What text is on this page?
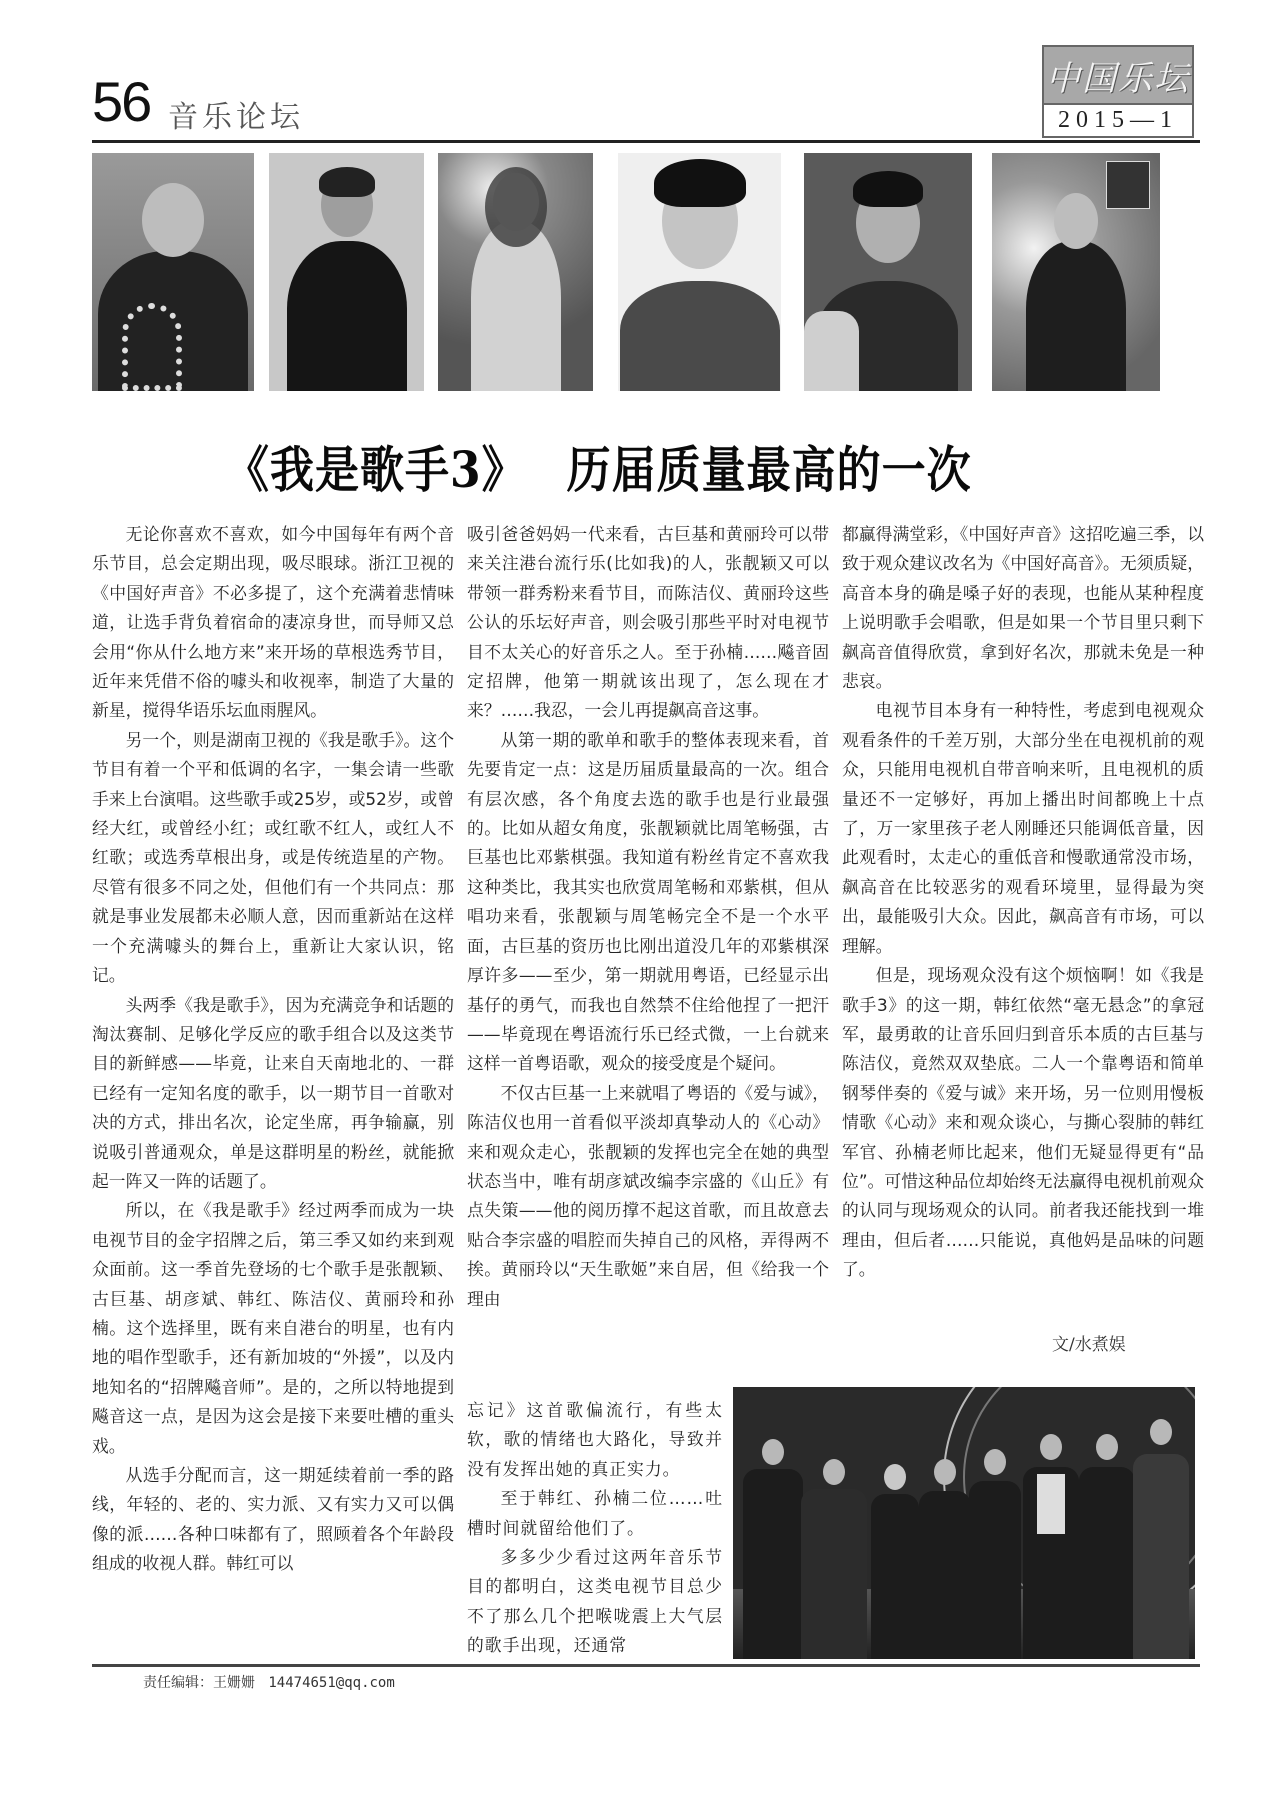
56 音乐论坛
中国乐坛
2015—1
《我是歌手3》 历届质量最高的一次

无论你喜欢不喜欢，如今中国每年有两个音乐节目，总会定期出现，吸尽眼球。浙江卫视的《中国好声音》不必多提了，这个充满着悲情味道，让选手背负着宿命的凄凉身世，而导师又总会用“你从什么地方来”来开场的草根选秀节目，近年来凭借不俗的噱头和收视率，制造了大量的新星，搅得华语乐坛血雨腥风。

另一个，则是湖南卫视的《我是歌手》。这个节目有着一个平和低调的名字，一集会请一些歌手来上台演唱。这些歌手或25岁，或52岁，或曾经大红，或曾经小红；或红歌不红人，或红人不红歌；或选秀草根出身，或是传统造星的产物。尽管有很多不同之处，但他们有一个共同点：那就是事业发展都未必顺人意，因而重新站在这样一个充满噱头的舞台上，重新让大家认识，铭记。

头两季《我是歌手》，因为充满竞争和话题的淘汰赛制、足够化学反应的歌手组合以及这类节目的新鲜感——毕竟，让来自天南地北的、一群已经有一定知名度的歌手，以一期节目一首歌对决的方式，排出名次，论定坐席，再争输赢，别说吸引普通观众，单是这群明星的粉丝，就能掀起一阵又一阵的话题了。

所以，在《我是歌手》经过两季而成为一块电视节目的金字招牌之后，第三季又如约来到观众面前。这一季首先登场的七个歌手是张靓颖、古巨基、胡彦斌、韩红、陈洁仪、黄丽玲和孙楠。这个选择里，既有来自港台的明星，也有内地的唱作型歌手，还有新加坡的“外援”，以及内地知名的“招牌飚音师”。是的，之所以特地提到飚音这一点，是因为这会是接下来要吐槽的重头戏。

从选手分配而言，这一期延续着前一季的路线，年轻的、老的、实力派、又有实力又可以偶像的派……各种口味都有了，照顾着各个年龄段组成的收视人群。韩红可以

吸引爸爸妈妈一代来看，古巨基和黄丽玲可以带来关注港台流行乐(比如我)的人，张靓颖又可以带领一群秀粉来看节目，而陈洁仪、黄丽玲这些公认的乐坛好声音，则会吸引那些平时对电视节目不太关心的好音乐之人。至于孙楠……飚音固定招牌，他第一期就该出现了，怎么现在才来？……我忍，一会儿再提飙高音这事。

从第一期的歌单和歌手的整体表现来看，首先要肯定一点：这是历届质量最高的一次。组合有层次感，各个角度去选的歌手也是行业最强的。比如从超女角度，张靓颖就比周笔畅强，古巨基也比邓紫棋强。我知道有粉丝肯定不喜欢我这种类比，我其实也欣赏周笔畅和邓紫棋，但从唱功来看，张靓颖与周笔畅完全不是一个水平面，古巨基的资历也比刚出道没几年的邓紫棋深厚许多——至少，第一期就用粤语，已经显示出基仔的勇气，而我也自然禁不住给他捏了一把汗——毕竟现在粤语流行乐已经式微，一上台就来这样一首粤语歌，观众的接受度是个疑问。

不仅古巨基一上来就唱了粤语的《爱与诚》，陈洁仪也用一首看似平淡却真挚动人的《心动》来和观众走心，张靓颖的发挥也完全在她的典型状态当中，唯有胡彦斌改编李宗盛的《山丘》有点失策——他的阅历撑不起这首歌，而且故意去贴合李宗盛的唱腔而失掉自己的风格，弄得两不挨。黄丽玲以“天生歌姬”来自居，但《给我一个理由

忘记》这首歌偏流行，有些太软，歌的情绪也大路化，导致并没有发挥出她的真正实力。

至于韩红、孙楠二位……吐槽时间就留给他们了。

多多少少看过这两年音乐节目的都明白，这类电视节目总少不了那么几个把喉咙震上大气层的歌手出现，还通常

都赢得满堂彩，《中国好声音》这招吃遍三季，以致于观众建议改名为《中国好高音》。无须质疑，高音本身的确是嗓子好的表现，也能从某种程度上说明歌手会唱歌，但是如果一个节目里只剩下飙高音值得欣赏，拿到好名次，那就未免是一种悲哀。

电视节目本身有一种特性，考虑到电视观众观看条件的千差万别，大部分坐在电视机前的观众，只能用电视机自带音响来听，且电视机的质量还不一定够好，再加上播出时间都晚上十点了，万一家里孩子老人刚睡还只能调低音量，因此观看时，太走心的重低音和慢歌通常没市场，飙高音在比较恶劣的观看环境里，显得最为突出，最能吸引大众。因此，飙高音有市场，可以理解。

但是，现场观众没有这个烦恼啊！如《我是歌手3》的这一期，韩红依然“毫无悬念”的拿冠军，最勇敢的让音乐回归到音乐本质的古巨基与陈洁仪，竟然双双垫底。二人一个靠粤语和简单钢琴伴奏的《爱与诚》来开场，另一位则用慢板情歌《心动》来和观众谈心，与撕心裂肺的韩红军官、孙楠老师比起来，他们无疑显得更有“品位”。可惜这种品位却始终无法赢得电视机前观众的认同与现场观众的认同。前者我还能找到一堆理由，但后者……只能说，真他妈是品味的问题了。

文/水煮娱
责任编辑：王姗姗 14474651@qq.com
